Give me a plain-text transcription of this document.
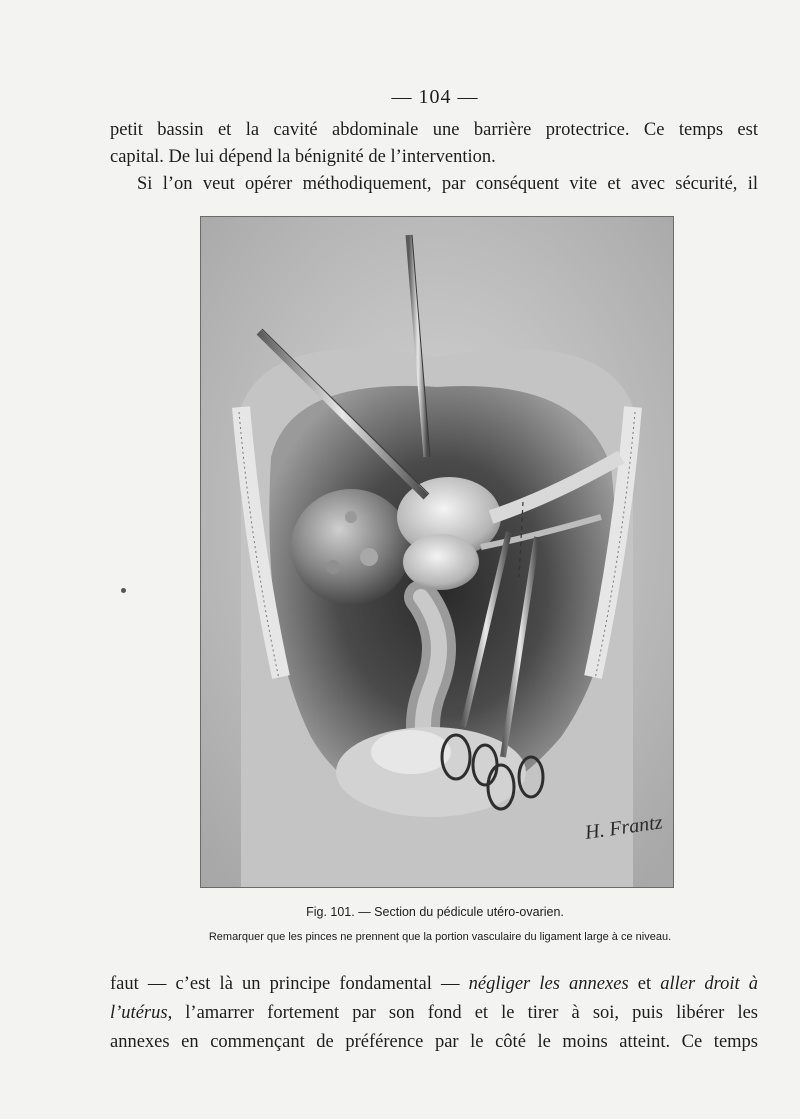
— 104 —
petit bassin et la cavité abdominale une barrière protectrice. Ce temps est
capital. De lui dépend la bénignité de l’intervention.
Si l’on veut opérer méthodiquement, par conséquent vite et avec sécurité, il
H. Frantz
Fig. 101. — Section du pédicule utéro-ovarien.
Remarquer que les pinces ne prennent que la portion vasculaire du ligament large à ce niveau.
faut — c’est là un principe fondamental — négliger les annexes et aller droit à
l’utérus, l’amarrer fortement par son fond et le tirer à soi, puis libérer les
annexes en commençant de préférence par le côté le moins atteint. Ce temps
